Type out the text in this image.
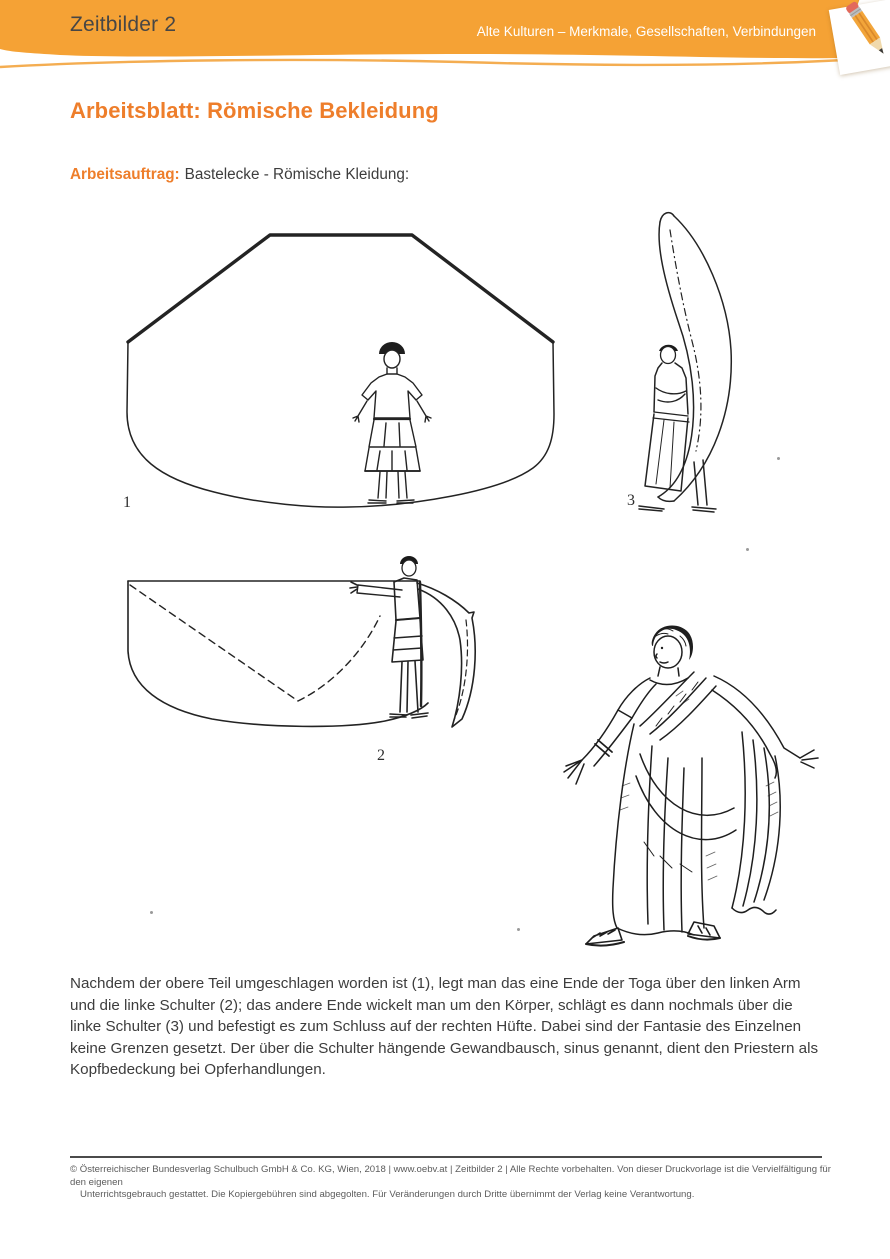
Zeitbilder 2	Alte Kulturen – Merkmale, Gesellschaften, Verbindungen
Arbeitsblatt: Römische Bekleidung
Arbeitsauftrag: Bastelecke - Römische Kleidung:
1	3
2
Nachdem der obere Teil umgeschlagen worden ist (1), legt man das eine Ende der Toga über den linken Arm und die linke Schulter (2); das andere Ende wickelt man um den Körper, schlägt es dann nochmals über die linke Schulter (3) und befestigt es zum Schluss auf der rechten Hüfte. Dabei sind der Fantasie des Einzelnen keine Grenzen gesetzt. Der über die Schulter hängende Gewandbausch, sinus genannt, dient den Priestern als Kopfbedeckung bei Opferhandlungen.
© Österreichischer Bundesverlag Schulbuch GmbH & Co. KG, Wien, 2018 | www.oebv.at | Zeitbilder 2 | Alle Rechte vorbehalten. Von dieser Druckvorlage ist die Vervielfältigung für den eigenen
Unterrichtsgebrauch gestattet. Die Kopiergebühren sind abgegolten. Für Veränderungen durch Dritte übernimmt der Verlag keine Verantwortung.
